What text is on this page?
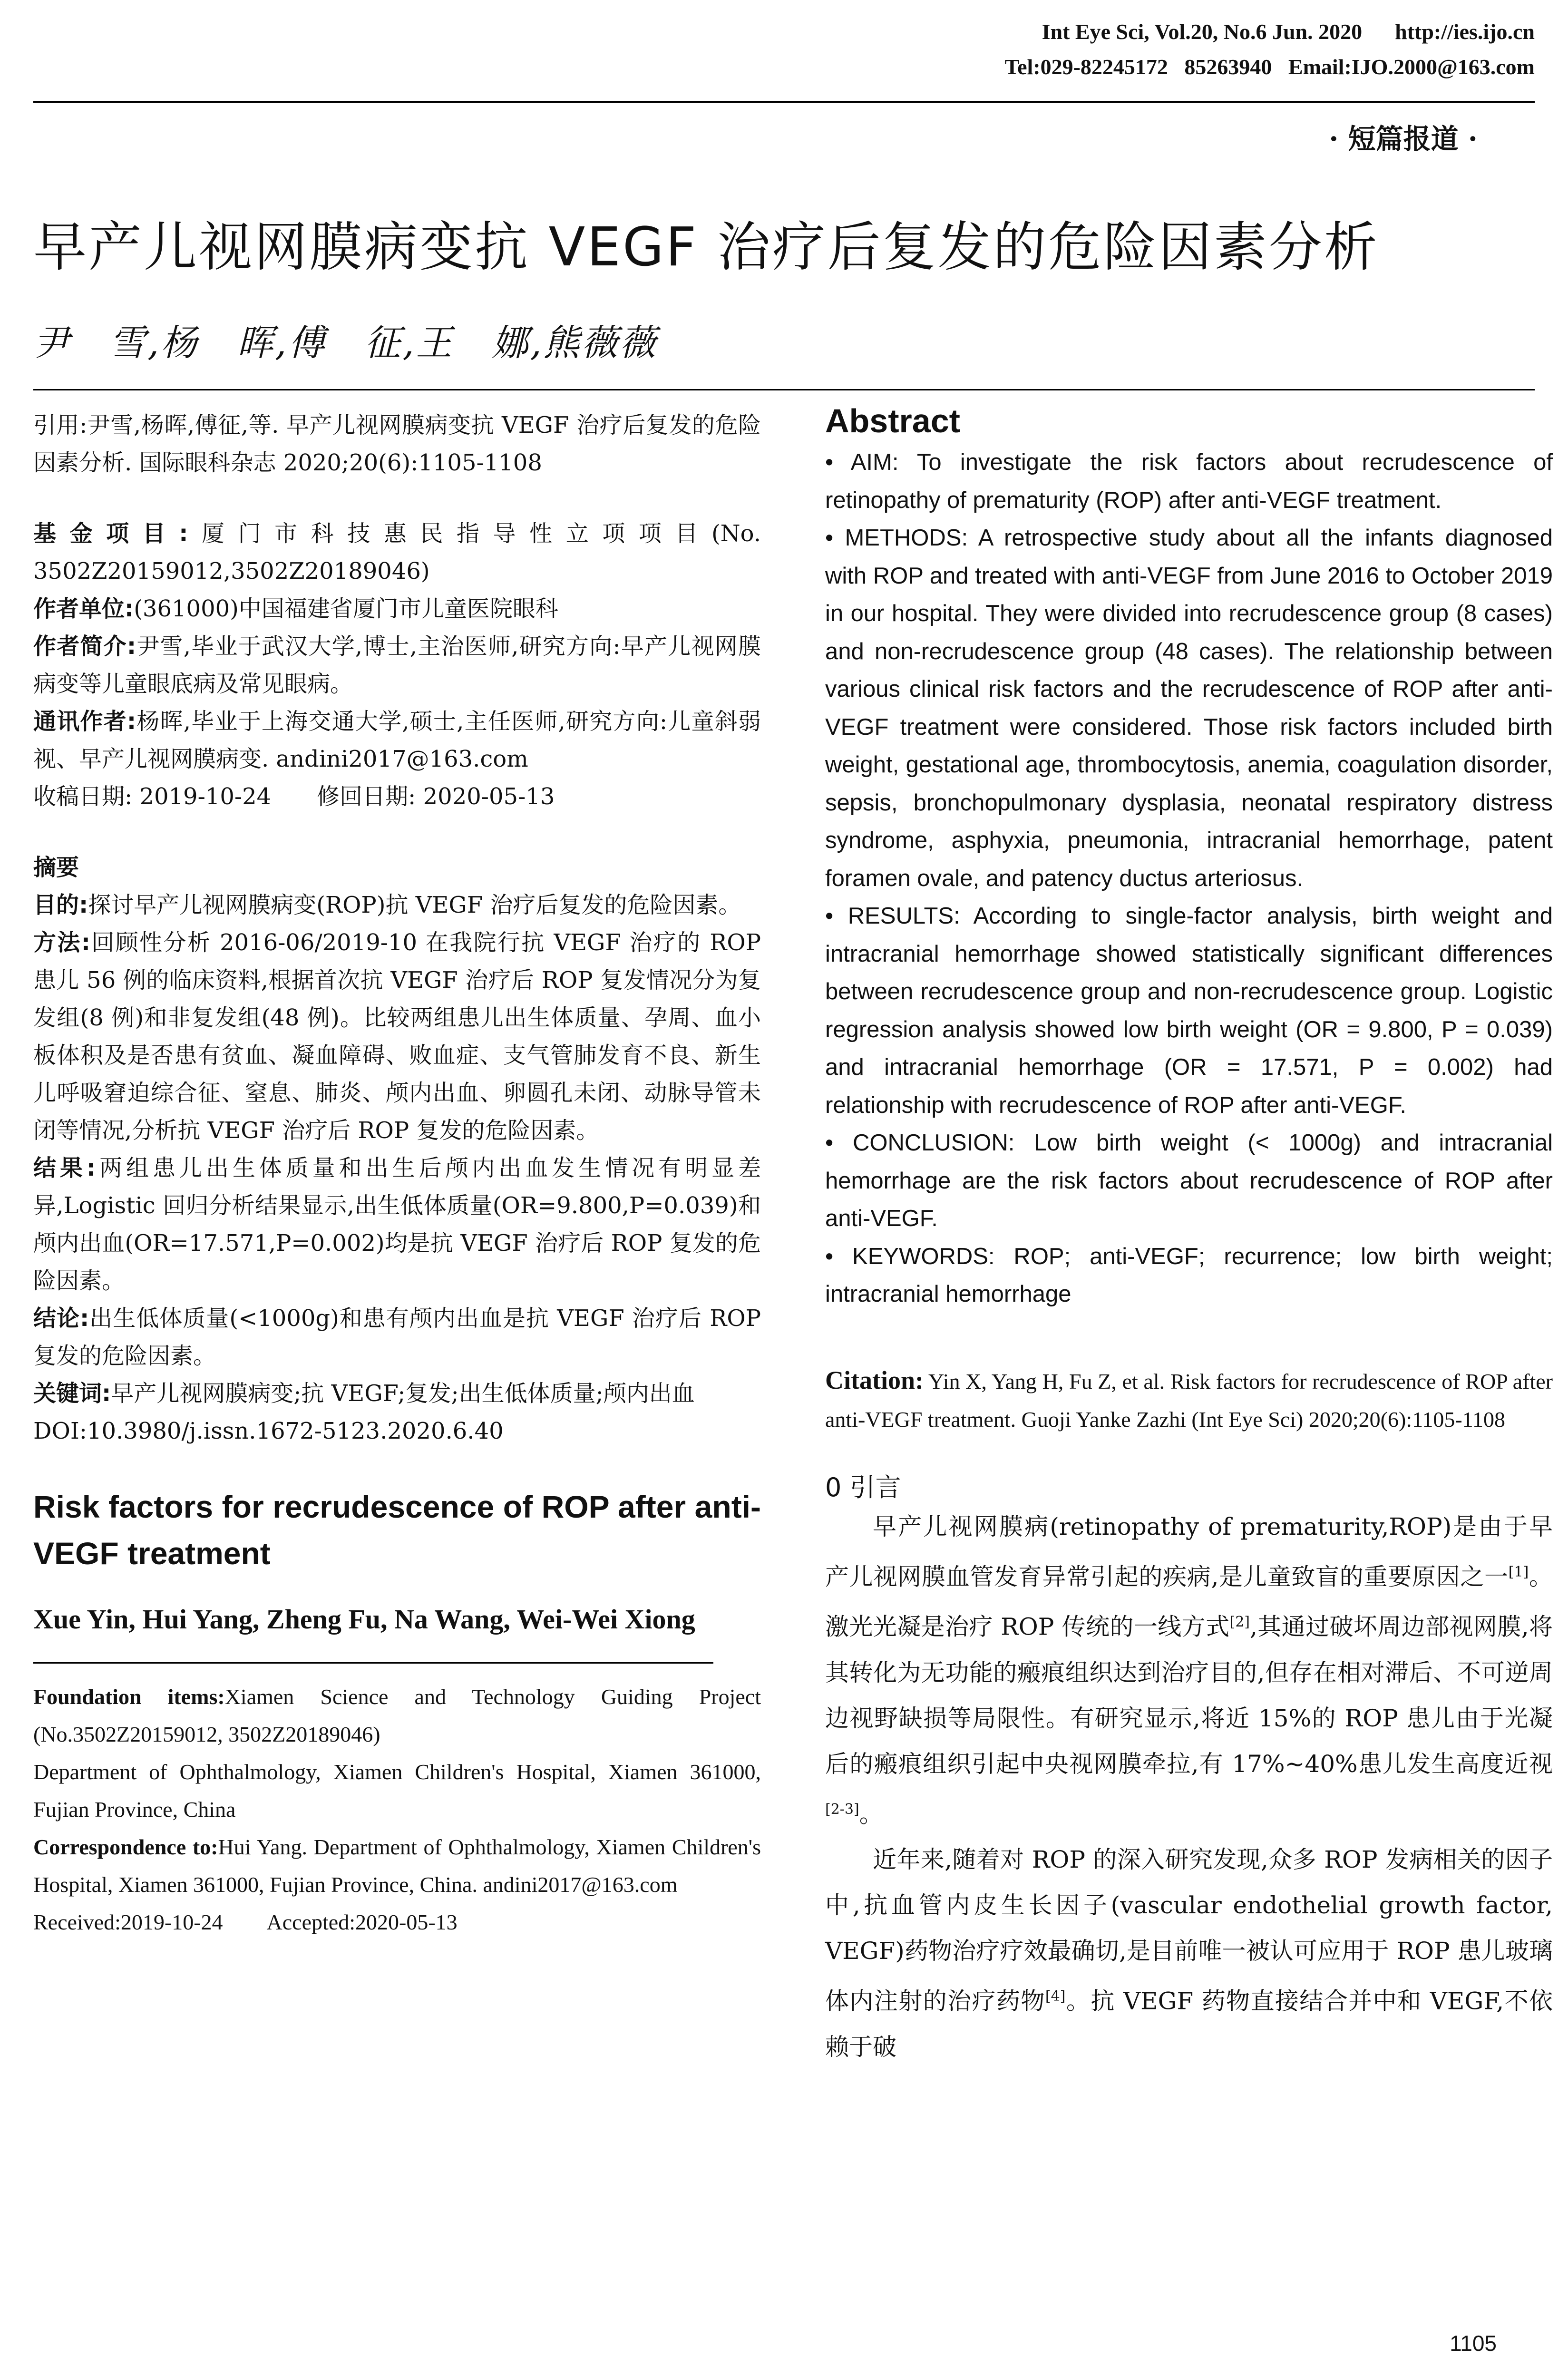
Int Eye Sci, Vol.20, No.6 Jun. 2020      http://ies.ijo.cn
Tel:029-82245172   85263940   Email:IJO.2000@163.com
· 短篇报道 ·
早产儿视网膜病变抗 VEGF 治疗后复发的危险因素分析
尹　雪,杨　晖,傅　征,王　娜,熊薇薇

引用:尹雪,杨晖,傅征,等. 早产儿视网膜病变抗 VEGF 治疗后复发的危险因素分析. 国际眼科杂志 2020;20(6):1105-1108

基金项目:厦门市科技惠民指导性立项项目(No. 3502Z20159012,3502Z20189046)

作者单位:(361000)中国福建省厦门市儿童医院眼科

作者简介:尹雪,毕业于武汉大学,博士,主治医师,研究方向:早产儿视网膜病变等儿童眼底病及常见眼病。

通讯作者:杨晖,毕业于上海交通大学,硕士,主任医师,研究方向:儿童斜弱视、早产儿视网膜病变. andini2017@163.com

收稿日期: 2019-10-24　　修回日期: 2020-05-13

摘要

目的:探讨早产儿视网膜病变(ROP)抗 VEGF 治疗后复发的危险因素。

方法:回顾性分析 2016-06/2019-10 在我院行抗 VEGF 治疗的 ROP 患儿 56 例的临床资料,根据首次抗 VEGF 治疗后 ROP 复发情况分为复发组(8 例)和非复发组(48 例)。比较两组患儿出生体质量、孕周、血小板体积及是否患有贫血、凝血障碍、败血症、支气管肺发育不良、新生儿呼吸窘迫综合征、窒息、肺炎、颅内出血、卵圆孔未闭、动脉导管未闭等情况,分析抗 VEGF 治疗后 ROP 复发的危险因素。

结果:两组患儿出生体质量和出生后颅内出血发生情况有明显差异,Logistic 回归分析结果显示,出生低体质量(OR=9.800,P=0.039)和颅内出血(OR=17.571,P=0.002)均是抗 VEGF 治疗后 ROP 复发的危险因素。

结论:出生低体质量(<1000g)和患有颅内出血是抗 VEGF 治疗后 ROP 复发的危险因素。

关键词:早产儿视网膜病变;抗 VEGF;复发;出生低体质量;颅内出血

DOI:10.3980/j.issn.1672-5123.2020.6.40

Risk factors for recrudescence of ROP after anti-VEGF treatment

Xue Yin, Hui Yang, Zheng Fu, Na Wang, Wei-Wei Xiong

Foundation items:Xiamen Science and Technology Guiding Project (No.3502Z20159012, 3502Z20189046)

Department of Ophthalmology, Xiamen Children's Hospital, Xiamen 361000, Fujian Province, China

Correspondence to:Hui Yang. Department of Ophthalmology, Xiamen Children's Hospital, Xiamen 361000, Fujian Province, China. andini2017@163.com

Received:2019-10-24　　Accepted:2020-05-13

Abstract

• AIM: To investigate the risk factors about recrudescence of retinopathy of prematurity (ROP) after anti-VEGF treatment.

• METHODS: A retrospective study about all the infants diagnosed with ROP and treated with anti-VEGF from June 2016 to October 2019 in our hospital. They were divided into recrudescence group (8 cases) and non-recrudescence group (48 cases). The relationship between various clinical risk factors and the recrudescence of ROP after anti-VEGF treatment were considered. Those risk factors included birth weight, gestational age, thrombocytosis, anemia, coagulation disorder, sepsis, bronchopulmonary dysplasia, neonatal respiratory distress syndrome, asphyxia, pneumonia, intracranial hemorrhage, patent foramen ovale, and patency ductus arteriosus.

• RESULTS: According to single-factor analysis, birth weight and intracranial hemorrhage showed statistically significant differences between recrudescence group and non-recrudescence group. Logistic regression analysis showed low birth weight (OR = 9.800, P = 0.039) and intracranial hemorrhage (OR = 17.571, P = 0.002) had relationship with recrudescence of ROP after anti-VEGF.

• CONCLUSION: Low birth weight (< 1000g) and intracranial hemorrhage are the risk factors about recrudescence of ROP after anti-VEGF.

• KEYWORDS: ROP; anti-VEGF; recurrence; low birth weight; intracranial hemorrhage

Citation: Yin X, Yang H, Fu Z, et al. Risk factors for recrudescence of ROP after anti-VEGF treatment. Guoji Yanke Zazhi (Int Eye Sci) 2020;20(6):1105-1108

0 引言

早产儿视网膜病(retinopathy of prematurity,ROP)是由于早产儿视网膜血管发育异常引起的疾病,是儿童致盲的重要原因之一[1]。激光光凝是治疗 ROP 传统的一线方式[2],其通过破坏周边部视网膜,将其转化为无功能的瘢痕组织达到治疗目的,但存在相对滞后、不可逆周边视野缺损等局限性。有研究显示,将近 15%的 ROP 患儿由于光凝后的瘢痕组织引起中央视网膜牵拉,有 17%~40%患儿发生高度近视[2-3]。

近年来,随着对 ROP 的深入研究发现,众多 ROP 发病相关的因子中,抗血管内皮生长因子(vascular endothelial growth factor, VEGF)药物治疗疗效最确切,是目前唯一被认可应用于 ROP 患儿玻璃体内注射的治疗药物[4]。抗 VEGF 药物直接结合并中和 VEGF,不依赖于破

1105
